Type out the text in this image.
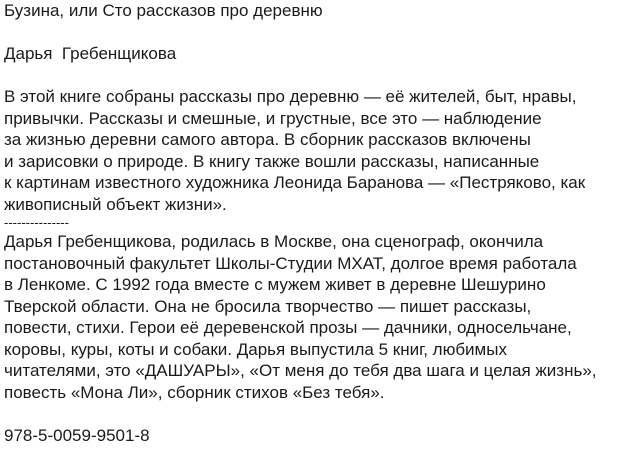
Бузина, или Сто рассказов про деревню
Дарья  Гребенщикова
В этой книге собраны рассказы про деревню — её жителей, быт, нравы,
привычки. Рассказы и смешные, и грустные, все это — наблюдение
за жизнью деревни самого автора. В сборник рассказов включены
и зарисовки о природе. В книгу также вошли рассказы, написанные
к картинам известного художника Леонида Баранова — «Пестряково, как
живописный объект жизни».
---------------
Дарья Гребенщикова, родилась в Москве, она сценограф, окончила
постановочный факультет Школы-Студии МХАТ, долгое время работала
в Ленкоме. С 1992 года вместе с мужем живет в деревне Шешурино
Тверской области. Она не бросила творчество — пишет рассказы,
повести, стихи. Герои её деревенской прозы — дачники, односельчане,
коровы, куры, коты и собаки. Дарья выпустила 5 книг, любимых
читателями, это «ДАШУАРЫ», «От меня до тебя два шага и целая жизнь»,
повесть «Мона Ли», сборник стихов «Без тебя».
978-5-0059-9501-8
